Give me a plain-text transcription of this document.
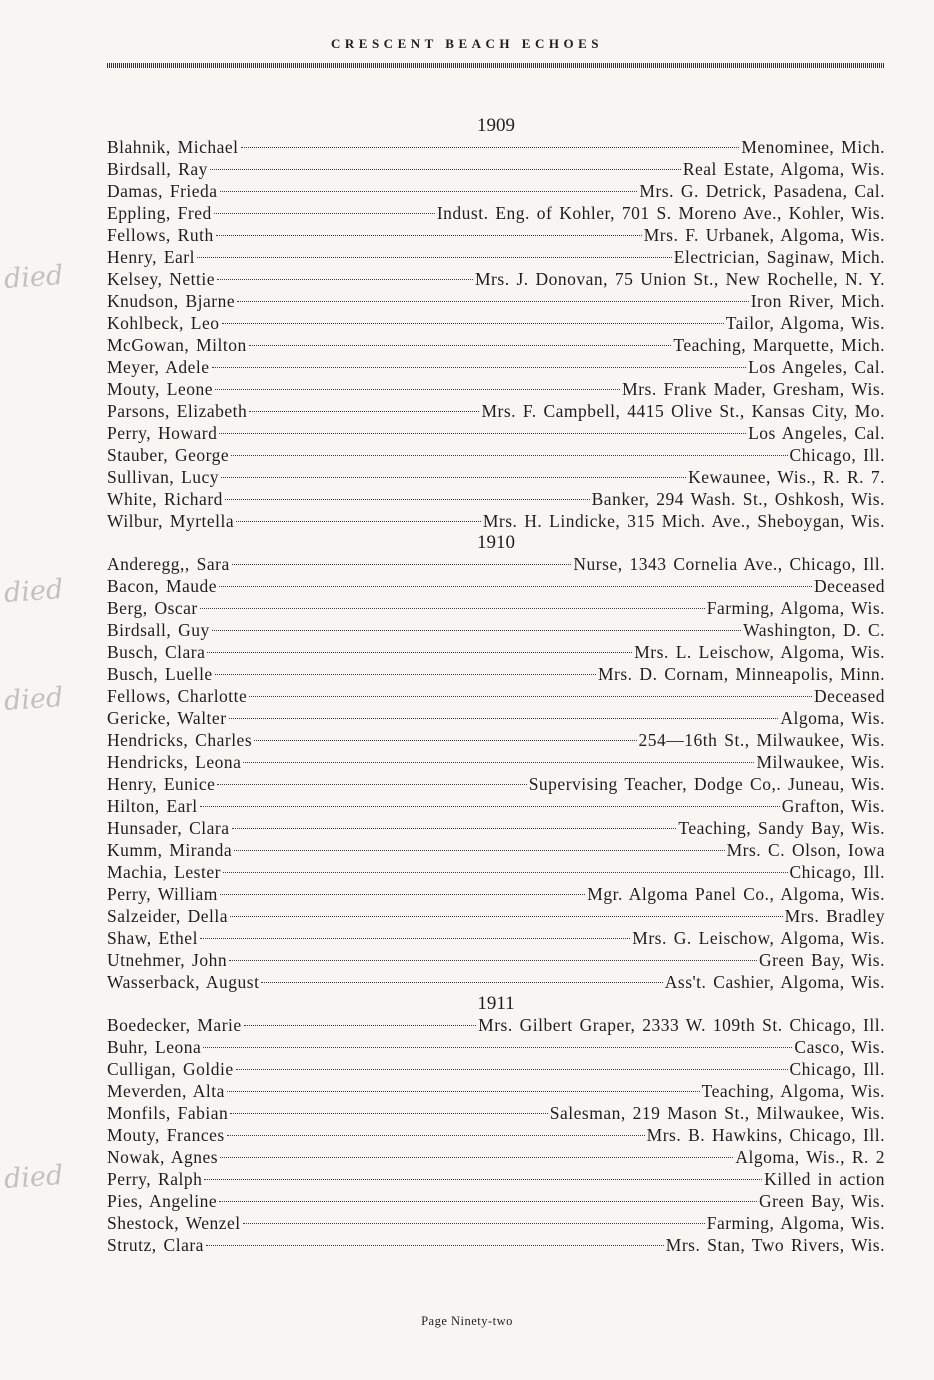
CRESCENT BEACH ECHOES
died
died
died
died
1909
Blahnik, Michael	Menominee, Mich.
Birdsall, Ray	Real Estate, Algoma, Wis.
Damas, Frieda	Mrs. G. Detrick, Pasadena, Cal.
Eppling, Fred	Indust. Eng. of Kohler, 701 S. Moreno Ave., Kohler, Wis.
Fellows, Ruth	Mrs. F. Urbanek, Algoma, Wis.
Henry, Earl	Electrician, Saginaw, Mich.
Kelsey, Nettie	Mrs. J. Donovan, 75 Union St., New Rochelle, N. Y.
Knudson, Bjarne	Iron River, Mich.
Kohlbeck, Leo	Tailor, Algoma, Wis.
McGowan, Milton	Teaching, Marquette, Mich.
Meyer, Adele	Los Angeles, Cal.
Mouty, Leone	Mrs. Frank Mader, Gresham, Wis.
Parsons, Elizabeth	Mrs. F. Campbell, 4415 Olive St., Kansas City, Mo.
Perry, Howard	Los Angeles, Cal.
Stauber, George	Chicago, Ill.
Sullivan, Lucy	Kewaunee, Wis., R. R. 7.
White, Richard	Banker, 294 Wash. St., Oshkosh, Wis.
Wilbur, Myrtella	Mrs. H. Lindicke, 315 Mich. Ave., Sheboygan, Wis.
1910
Anderegg,, Sara	Nurse, 1343 Cornelia Ave., Chicago, Ill.
Bacon, Maude	Deceased
Berg, Oscar	Farming, Algoma, Wis.
Birdsall, Guy	Washington, D. C.
Busch, Clara	Mrs. L. Leischow, Algoma, Wis.
Busch, Luelle	Mrs. D. Cornam, Minneapolis, Minn.
Fellows, Charlotte	Deceased
Gericke, Walter	Algoma, Wis.
Hendricks, Charles	254—16th St., Milwaukee, Wis.
Hendricks, Leona	Milwaukee, Wis.
Henry, Eunice	Supervising Teacher, Dodge Co,. Juneau, Wis.
Hilton, Earl	Grafton, Wis.
Hunsader, Clara	Teaching, Sandy Bay, Wis.
Kumm, Miranda	Mrs. C. Olson, Iowa
Machia, Lester	Chicago, Ill.
Perry, William	Mgr. Algoma Panel Co., Algoma, Wis.
Salzeider, Della	Mrs. Bradley
Shaw, Ethel	Mrs. G. Leischow, Algoma, Wis.
Utnehmer, John	Green Bay, Wis.
Wasserback, August	Ass't. Cashier, Algoma, Wis.
1911
Boedecker, Marie	Mrs. Gilbert Graper, 2333 W. 109th St. Chicago, Ill.
Buhr, Leona	Casco, Wis.
Culligan, Goldie	Chicago, Ill.
Meverden, Alta	Teaching, Algoma, Wis.
Monfils, Fabian	Salesman, 219 Mason St., Milwaukee, Wis.
Mouty, Frances	Mrs. B. Hawkins, Chicago, Ill.
Nowak, Agnes	Algoma, Wis., R. 2
Perry, Ralph	Killed in action
Pies, Angeline	Green Bay, Wis.
Shestock, Wenzel	Farming, Algoma, Wis.
Strutz, Clara	Mrs. Stan, Two Rivers, Wis.
Page Ninety-two
